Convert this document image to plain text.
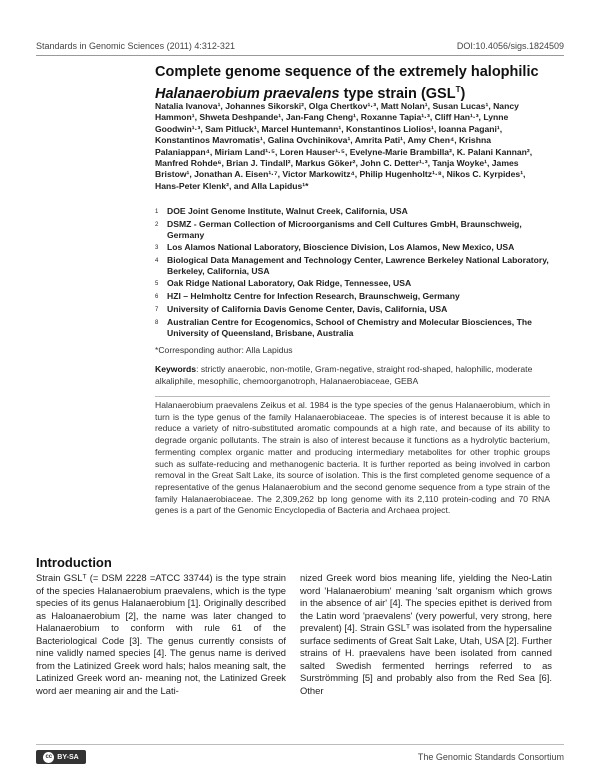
Standards in Genomic Sciences (2011) 4:312-321	DOI:10.4056/sigs.1824509
Complete genome sequence of the extremely halophilic
Halanaerobium praevalens type strain $(GSL^T)$
Natalia Ivanova¹, Johannes Sikorski², Olga Chertkov¹·³, Matt Nolan¹, Susan Lucas¹, Nancy Hammon¹, Shweta Deshpande¹, Jan-Fang Cheng¹, Roxanne Tapia¹·³, Cliff Han¹·³, Lynne Goodwin¹·³, Sam Pitluck¹, Marcel Huntemann¹, Konstantinos Liolios¹, Ioanna Pagani¹, Konstantinos Mavromatis¹, Galina Ovchinikova¹, Amrita Pati¹, Amy Chen⁴, Krishna Palaniappan⁴, Miriam Land¹·⁵, Loren Hauser¹·⁵, Evelyne-Marie Brambilla², K. Palani Kannan², Manfred Rohde⁶, Brian J. Tindall², Markus Göker², John C. Detter¹·³, Tanja Woyke¹, James Bristow¹, Jonathan A. Eisen¹·⁷, Victor Markowitz⁴, Philip Hugenholtz¹·⁸, Nikos C. Kyrpides¹, Hans-Peter Klenk², and Alla Lapidus¹*
1	DOE Joint Genome Institute, Walnut Creek, California, USA
2	DSMZ - German Collection of Microorganisms and Cell Cultures GmbH, Braunschweig, Germany
3	Los Alamos National Laboratory, Bioscience Division, Los Alamos, New Mexico, USA
4	Biological Data Management and Technology Center, Lawrence Berkeley National Laboratory, Berkeley, California, USA
5	Oak Ridge National Laboratory, Oak Ridge, Tennessee, USA
6	HZI – Helmholtz Centre for Infection Research, Braunschweig, Germany
7	University of California Davis Genome Center, Davis, California, USA
8	Australian Centre for Ecogenomics, School of Chemistry and Molecular Biosciences, The University of Queensland, Brisbane, Australia
*Corresponding author: Alla Lapidus
Keywords: strictly anaerobic, non-motile, Gram-negative, straight rod-shaped, halophilic, moderate alkaliphile, mesophilic, chemoorganotroph, Halanaerobiaceae, GEBA
Halanaerobium praevalens Zeikus et al. 1984 is the type species of the genus Halanaerobium, which in turn is the type genus of the family Halanaerobiaceae. The species is of interest because it is able to reduce a variety of nitro-substituted aromatic compounds at a high rate, and because of its ability to degrade organic pollutants. The strain is also of interest because it functions as a hydrolytic bacterium, fermenting complex organic matter and producing intermediary metabolites for other trophic groups such as sulfate-reducing and methanogenic bacteria. It is further reported as being involved in carbon removal in the Great Salt Lake, its source of isolation. This is the first completed genome sequence of a representative of the genus Halanaerobium and the second genome sequence from a type strain of the family Halanaerobiaceae. The 2,309,262 bp long genome with its 2,110 protein-coding and 70 RNA genes is a part of the Genomic Encyclopedia of Bacteria and Archaea project.
Introduction
Strain GSLᵀ (= DSM 2228 =ATCC 33744) is the type strain of the species Halanaerobium praevalens, which is the type species of its genus Halanaerobium [1]. Originally described as Haloanaerobium [2], the name was later changed to Halanaerobium to conform with rule 61 of the Bacteriological Code [3]. The genus currently consists of nine validly named species [4]. The genus name is derived from the Latinized Greek word hals; halos meaning salt, the Latinized Greek word an- meaning not, the Latinized Greek word aer meaning air and the Lati-
nized Greek word bios meaning life, yielding the Neo-Latin word 'Halanaerobium' meaning 'salt organism which grows in the absence of air' [4]. The species epithet is derived from the Latin word 'praevalens' (very powerful, very strong, here prevalent) [4]. Strain GSLᵀ was isolated from the hypersaline surface sediments of Great Salt Lake, Utah, USA [2]. Further strains of H. praevalens have been isolated from canned salted Swedish fermented herrings referred to as Surströmming [5] and probably also from the Red Sea [6]. Other
cc BY-SA	The Genomic Standards Consortium
